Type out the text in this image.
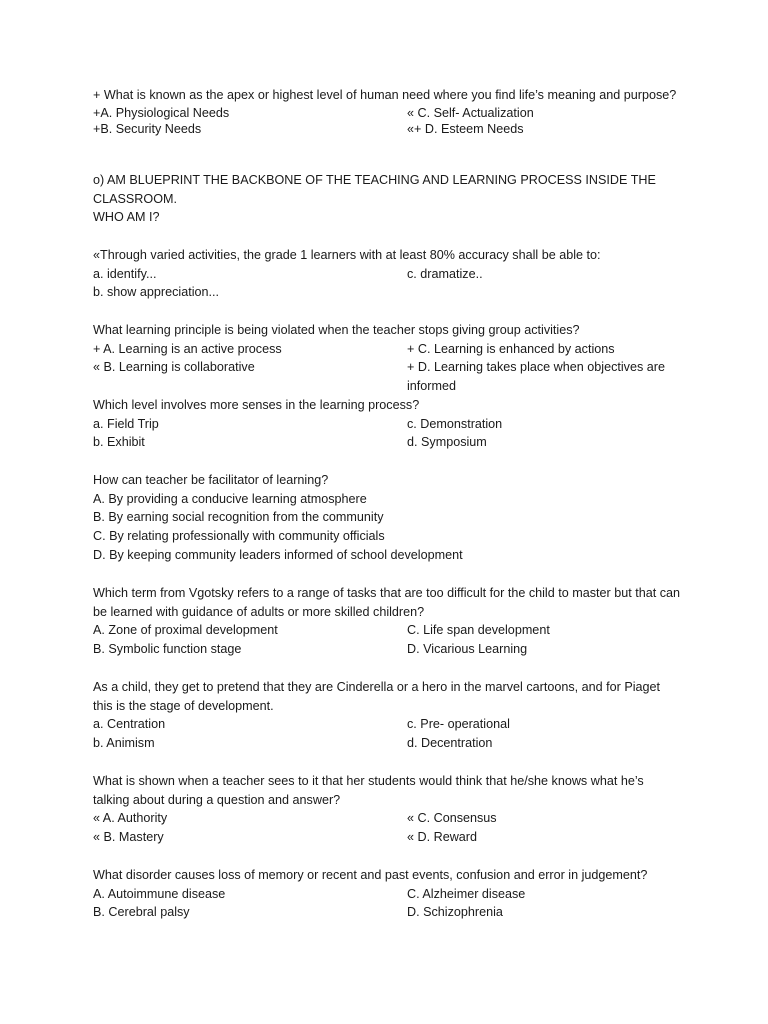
+ What is known as the apex or highest level of human need where you find life’s meaning and purpose?
+A. Physiological Needs	« C. Self- Actualization
+B. Security Needs	«+ D. Esteem Needs
o) AM BLUEPRINT THE BACKBONE OF THE TEACHING AND LEARNING PROCESS INSIDE THE CLASSROOM.
WHO AM I?
«Through varied activities, the grade 1 learners with at least 80% accuracy shall be able to:
a. identify...	c. dramatize..
b. show appreciation...
What learning principle is being violated when the teacher stops giving group activities?
+ A. Learning is an active process	+ C. Learning is enhanced by actions
« B. Learning is collaborative	+ D. Learning takes place when objectives are informed
Which level involves more senses in the learning process?
a. Field Trip	c. Demonstration
b. Exhibit	d. Symposium
How can teacher be facilitator of learning?
A. By providing a conducive learning atmosphere
B. By earning social recognition from the community
C. By relating professionally with community officials
D. By keeping community leaders informed of school development
Which term from Vgotsky refers to a range of tasks that are too difficult for the child to master but that can be learned with guidance of adults or more skilled children?
A. Zone of proximal development	C. Life span development
B. Symbolic function stage	D. Vicarious Learning
As a child, they get to pretend that they are Cinderella or a hero in the marvel cartoons, and for Piaget this is the stage of development.
a. Centration	c. Pre- operational
b. Animism	d. Decentration
What is shown when a teacher sees to it that her students would think that he/she knows what he’s talking about during a question and answer?
« A. Authority	« C. Consensus
« B. Mastery	« D. Reward
What disorder causes loss of memory or recent and past events, confusion and error in judgement?
A. Autoimmune disease	C. Alzheimer disease
B. Cerebral palsy	D. Schizophrenia
